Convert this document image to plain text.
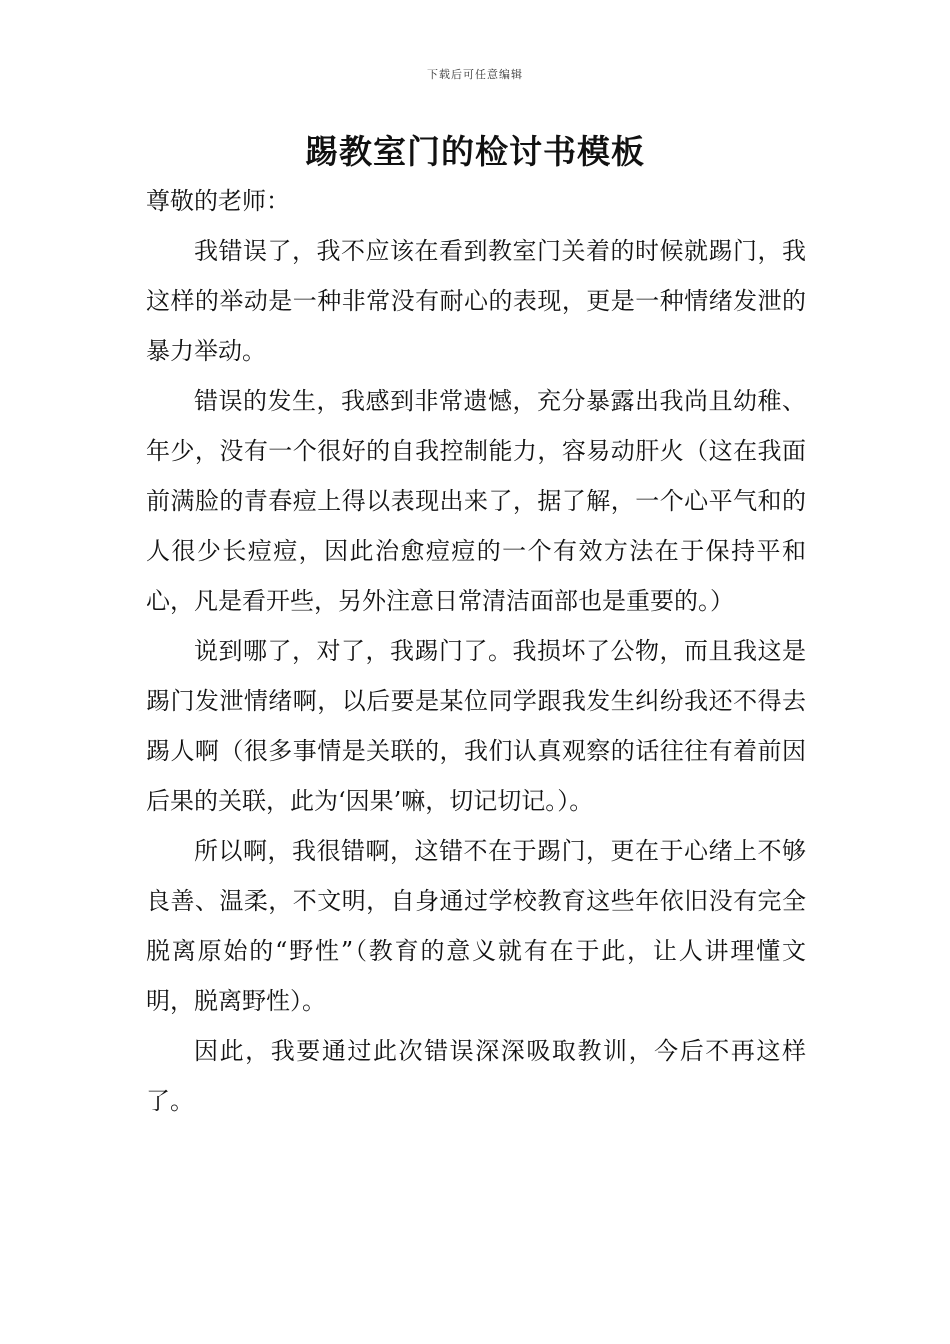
下载后可任意编辑
踢教室门的检讨书模板

尊敬的老师：

我错误了，我不应该在看到教室门关着的时候就踢门，我这样的举动是一种非常没有耐心的表现，更是一种情绪发泄的暴力举动。

错误的发生，我感到非常遗憾，充分暴露出我尚且幼稚、年少，没有一个很好的自我控制能力，容易动肝火（这在我面前满脸的青春痘上得以表现出来了，据了解，一个心平气和的人很少长痘痘，因此治愈痘痘的一个有效方法在于保持平和心，凡是看开些，另外注意日常清洁面部也是重要的。）

说到哪了，对了，我踢门了。我损坏了公物，而且我这是踢门发泄情绪啊，以后要是某位同学跟我发生纠纷我还不得去踢人啊（很多事情是关联的，我们认真观察的话往往有着前因后果的关联，此为‘因果’嘛，切记切记。）。

所以啊，我很错啊，这错不在于踢门，更在于心绪上不够良善、温柔，不文明，自身通过学校教育这些年依旧没有完全脱离原始的“野性”（教育的意义就有在于此，让人讲理懂文明，脱离野性）。

因此，我要通过此次错误深深吸取教训，今后不再这样了。
